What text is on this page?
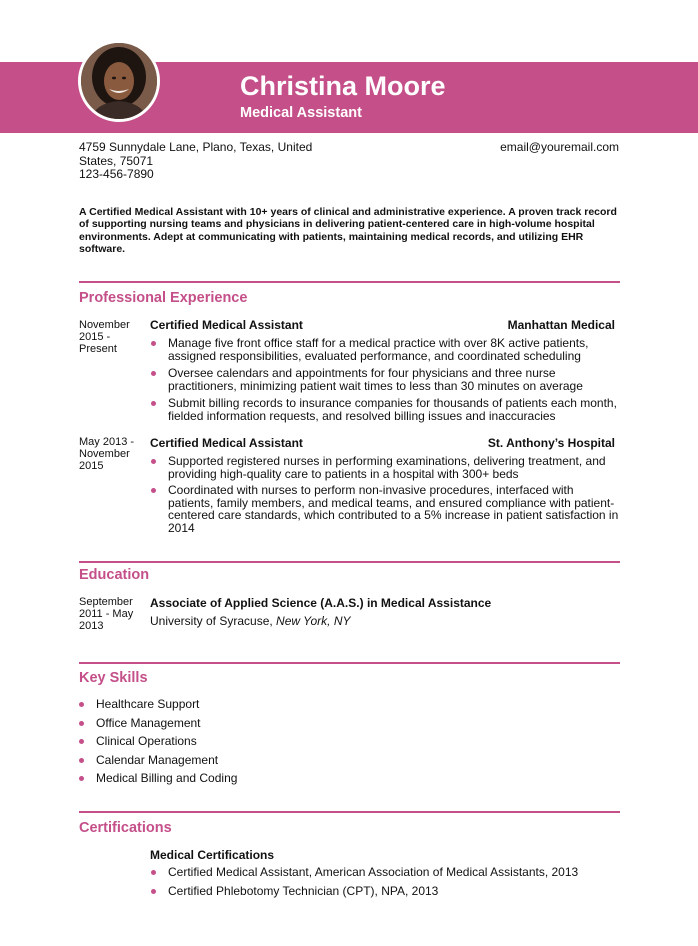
Christina Moore
Medical Assistant
4759 Sunnydale Lane, Plano, Texas, United States, 75071
123-456-7890
email@youremail.com
A Certified Medical Assistant with 10+ years of clinical and administrative experience. A proven track record of supporting nursing teams and physicians in delivering patient-centered care in high-volume hospital environments. Adept at communicating with patients, maintaining medical records, and utilizing EHR software.
Professional Experience
November 2015 - Present
Certified Medical Assistant	Manhattan Medical
Manage five front office staff for a medical practice with over 8K active patients, assigned responsibilities, evaluated performance, and coordinated scheduling
Oversee calendars and appointments for four physicians and three nurse practitioners, minimizing patient wait times to less than 30 minutes on average
Submit billing records to insurance companies for thousands of patients each month, fielded information requests, and resolved billing issues and inaccuracies
May 2013 - November 2015
Certified Medical Assistant	St. Anthony’s Hospital
Supported registered nurses in performing examinations, delivering treatment, and providing high-quality care to patients in a hospital with 300+ beds
Coordinated with nurses to perform non-invasive procedures, interfaced with patients, family members, and medical teams, and ensured compliance with patient-centered care standards, which contributed to a 5% increase in patient satisfaction in 2014
Education
September 2011 - May 2013
Associate of Applied Science (A.A.S.) in Medical Assistance
University of Syracuse, New York, NY
Key Skills
Healthcare Support
Office Management
Clinical Operations
Calendar Management
Medical Billing and Coding
Certifications
Medical Certifications
Certified Medical Assistant, American Association of Medical Assistants, 2013
Certified Phlebotomy Technician (CPT), NPA, 2013
